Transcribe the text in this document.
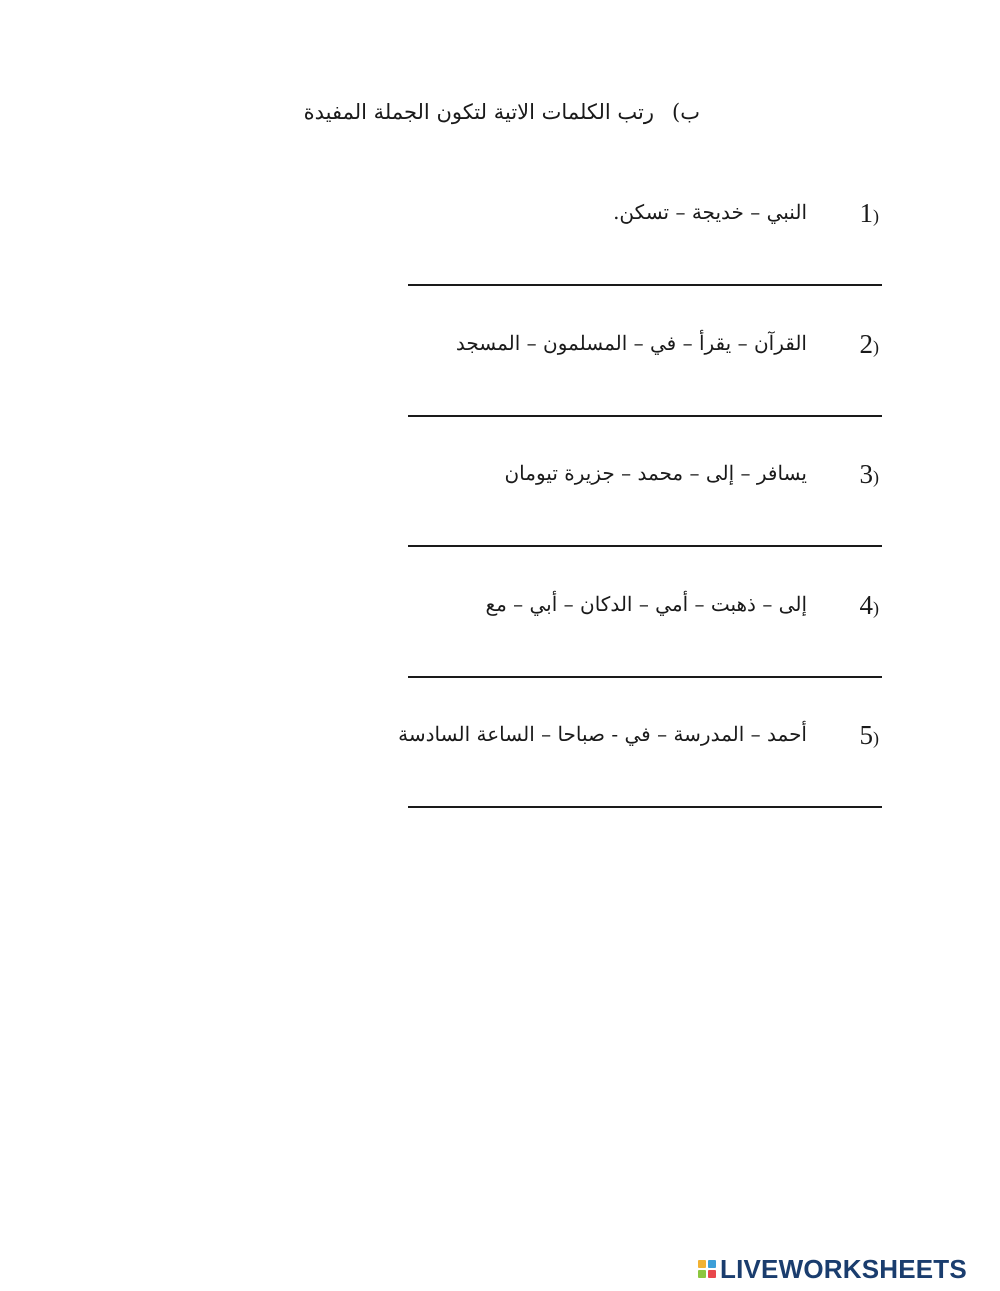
ب)رتب الكلمات الاتية لتكون الجملة المفيدة
1)
النبي – خديجة – تسكن.
2)
القرآن – يقرأ – في – المسلمون – المسجد
3)
يسافر – إلى – محمد – جزيرة تيومان
4)
إلى – ذهبت – أمي – الدكان – أبي – مع
5)
أحمد – المدرسة – في - صباحا – الساعة السادسة
LIVEWORKSHEETS
